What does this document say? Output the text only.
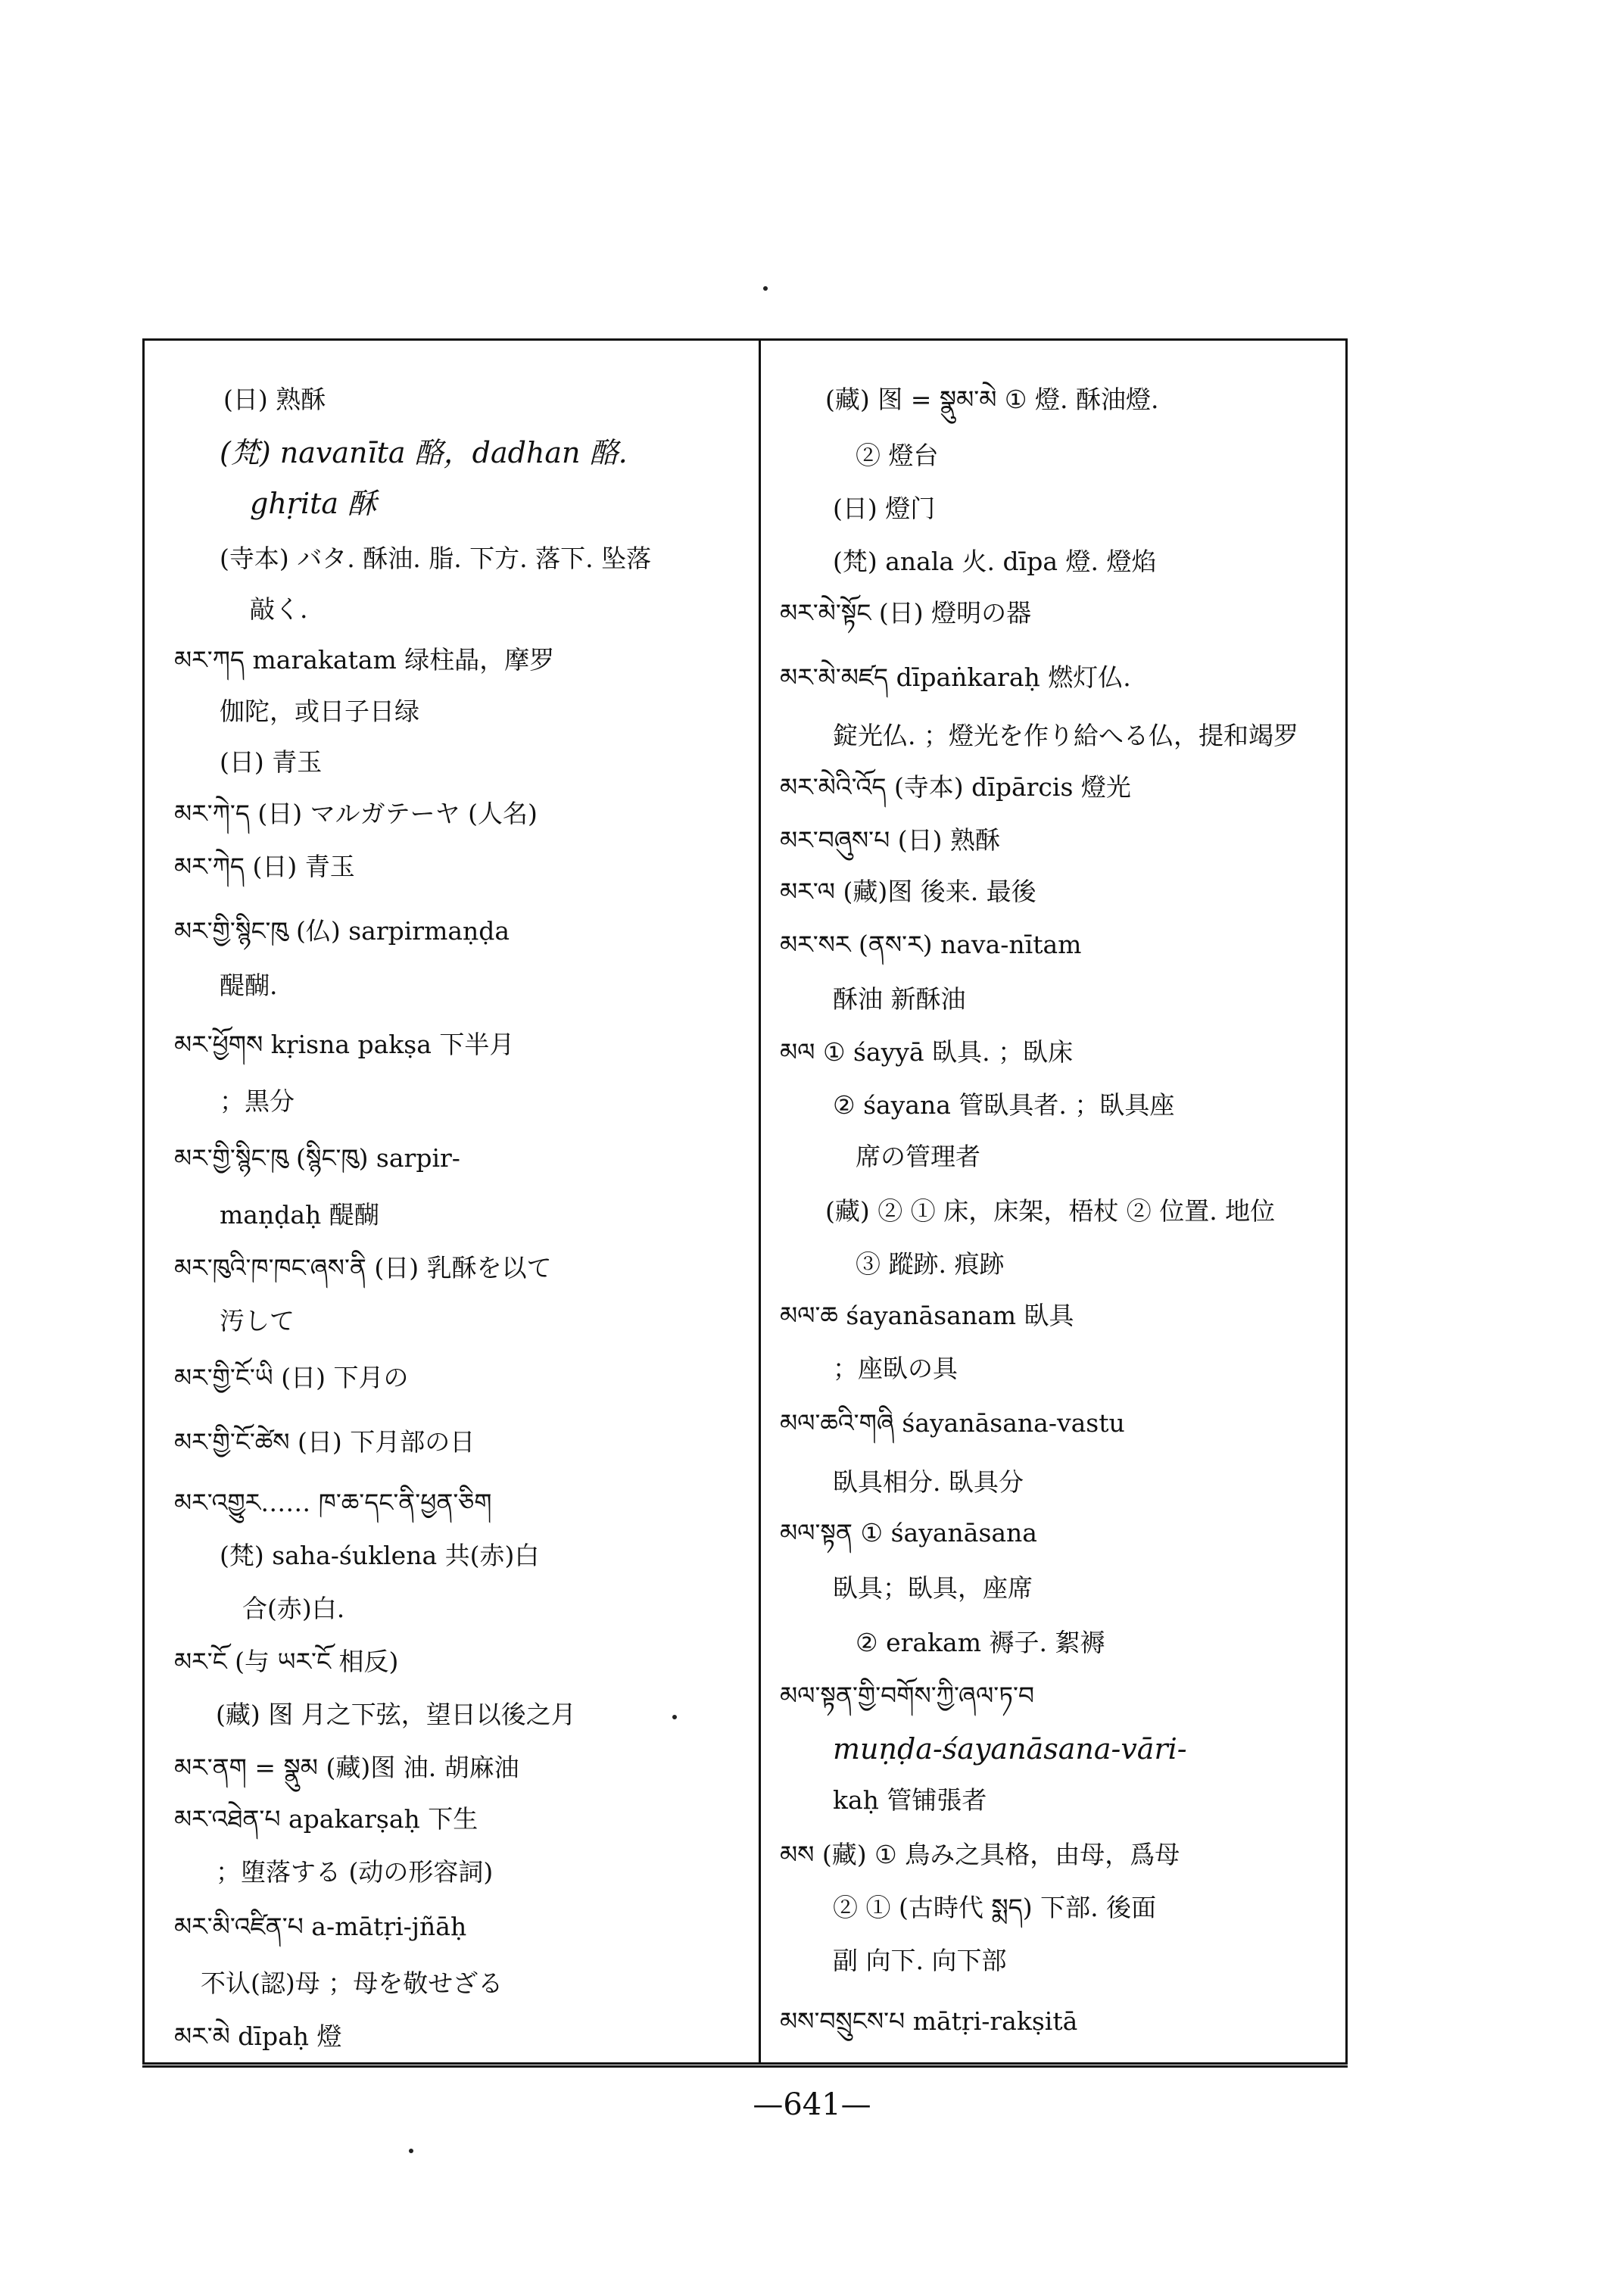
(日) 熟酥
(梵) navanīta 酪，dadhan 酪.
ghṛita 酥
(寺本) バタ. 酥油. 脂. 下方. 落下. 坠落
敲く.
མར་ཀད marakatam 绿柱晶，摩罗
伽陀，或日子日绿
(日) 青玉
མར་ཀེ་ད (日) マルガテーヤ (人名)
མར་ཀེད (日) 青玉
མར་གྱི་སྙིང་ཁུ (仏) sarpirmaṇḍa
醍醐.
མར་ཕྱོགས kṛisna pakṣa 下半月
；黒分
མར་གྱི་སྙིང་ཁུ (སྙིང་ཁུ) sarpir-
maṇḍaḥ 醍醐
མར་ཁུའི་ཁ་ཁང་ཞས་ནི (日) 乳酥を以て
汚して
མར་གྱི་ངོ་ཡི (日) 下月の
མར་གྱི་ངོ་ཚེས (日) 下月部の日
མར་འགྱུར…… ཁ་ཆ་དང་ནི་ཕྱན་ཅིག
(梵) saha-śuklena 共(赤)白
合(赤)白.
མར་ངོ (与 ཡར་ངོ 相反)
(藏) 图 月之下弦，望日以後之月
མར་ནག = སྣུམ (藏)图 油. 胡麻油
མར་འཐེན་པ apakarṣaḥ 下生
；堕落する (动の形容詞)
མར་མི་འཛིན་པ a-mātṛi-jñāḥ
不认(認)母 ；母を敬せざる
མར་མེ dīpaḥ 燈
(藏) 图 = སྣུམ་མེ ① 燈. 酥油燈.
② 燈台
(日) 燈门
(梵) anala 火. dīpa 燈. 燈焰
མར་མེ་སྟོང (日) 燈明の器
མར་མེ་མཛད dīpaṅkaraḥ 燃灯仏.
錠光仏. ；燈光を作り給へる仏，提和竭罗
མར་མེའི་འོད (寺本) dīpārcis 燈光
མར་བཞུས་པ (日) 熟酥
མར་ལ (藏)图 後来. 最後
མར་སར (ནས་ར) nava-nītam
酥油 新酥油
མལ ① śayyā 臥具. ；臥床
② śayana 管臥具者. ；臥具座
席の管理者
(藏) ② ① 床，床架，梧杖 ② 位置. 地位
③ 蹤跡. 痕跡
མལ་ཆ śayanāsanam 臥具
；座臥の具
མལ་ཆའི་གཞི śayanāsana-vastu
臥具相分. 臥具分
མལ་སྟན ① śayanāsana
臥具；臥具，座席
② erakam 褥子. 絮褥
མལ་སྟན་གྱི་བགོས་ཀྱི་ཞལ་ཏ་བ
muṇḍa-śayanāsana-vāri-
kaḥ 管铺張者
མས (藏) ① 鳥み之具格，由母，爲母
② ① (古時代 སྨད) 下部. 後面
副 向下. 向下部
མས་བསྲུངས་པ mātṛi-rakṣitā
—641—
